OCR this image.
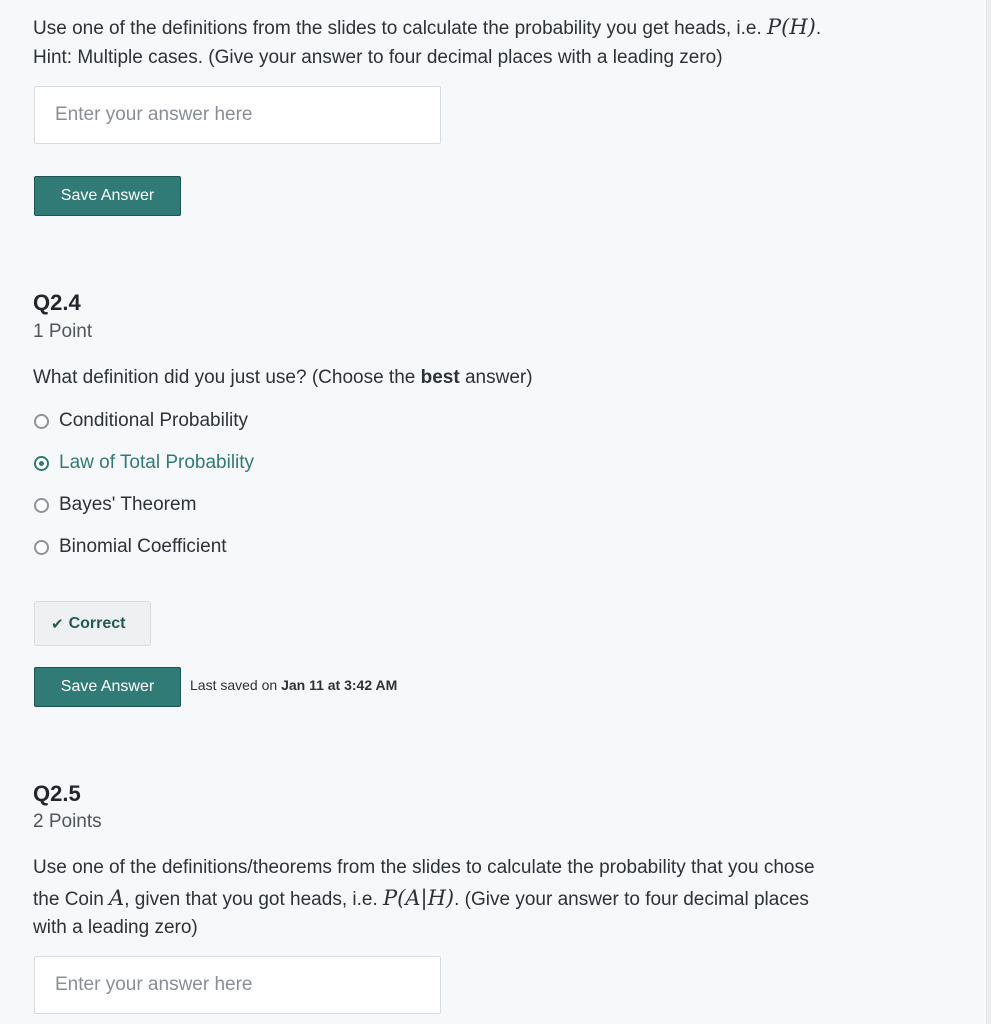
Use one of the definitions from the slides to calculate the probability you get heads, i.e. P(H).

Hint: Multiple cases. (Give your answer to four decimal places with a leading zero)

Enter your answer here
Save Answer
Q2.4

1 Point

What definition did you just use? (Choose the best answer)

Conditional Probability
Law of Total Probability
Bayes' Theorem
Binomial Coefficient
✔ Correct
Save Answer	Last saved on Jan 11 at 3:42 AM
Q2.5

2 Points

Use one of the definitions/theorems from the slides to calculate the probability that you chose

the Coin A, given that you got heads, i.e. P(A|H). (Give your answer to four decimal places

with a leading zero)

Enter your answer here
